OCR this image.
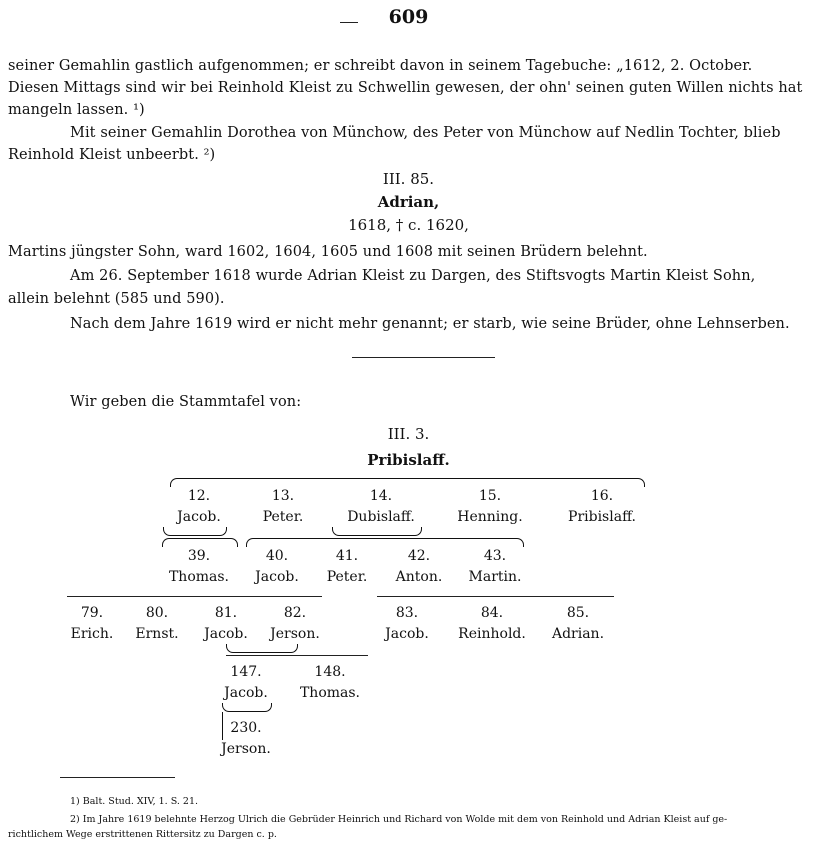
609
seiner Gemahlin gastlich aufgenommen; er schreibt davon in seinem Tagebuche: „1612, 2. October.
Diesen Mittags sind wir bei Reinhold Kleist zu Schwellin gewesen, der ohn' seinen guten Willen nichts hat
mangeln lassen. ¹)
Mit seiner Gemahlin Dorothea von Münchow, des Peter von Münchow auf Nedlin Tochter, blieb
Reinhold Kleist unbeerbt. ²)
III. 85.
Adrian,
1618, † c. 1620,
Martins jüngster Sohn, ward 1602, 1604, 1605 und 1608 mit seinen Brüdern belehnt.
Am 26. September 1618 wurde Adrian Kleist zu Dargen, des Stiftsvogts Martin Kleist Sohn,
allein belehnt (585 und 590).
Nach dem Jahre 1619 wird er nicht mehr genannt; er starb, wie seine Brüder, ohne Lehnserben.
Wir geben die Stammtafel von:
III. 3.
Pribislaff.
12.
Jacob.
13.
Peter.
14.
Dubislaff.
15.
Henning.
16.
Pribislaff.
39.
Thomas.
40.
Jacob.
41.
Peter.
42.
Anton.
43.
Martin.
79.
Erich.
80.
Ernst.
81.
Jacob.
82.
Jerson.
83.
Jacob.
84.
Reinhold.
85.
Adrian.
147.
Jacob.
148.
Thomas.
230.
Jerson.
1) Balt. Stud. XIV, 1. S. 21.
2) Im Jahre 1619 belehnte Herzog Ulrich die Gebrüder Heinrich und Richard von Wolde mit dem von Reinhold und Adrian Kleist auf ge-
richtlichem Wege erstrittenen Rittersitz zu Dargen c. p.
